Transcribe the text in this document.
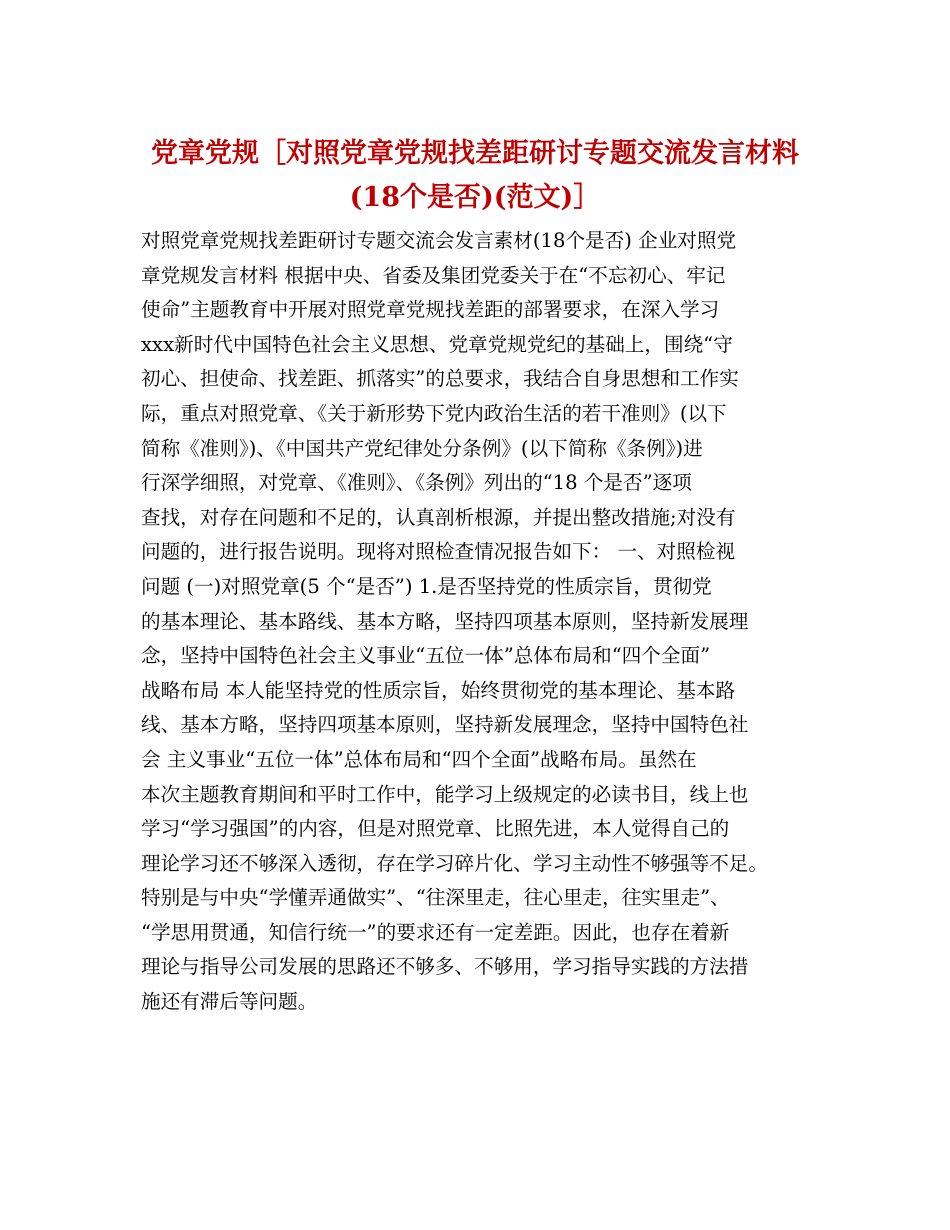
党章党规［对照党章党规找差距研讨专题交流发言材料
(18个是否)(范文)］
对照党章党规找差距研讨专题交流会发言素材(18个是否) 企业对照党
章党规发言材料 根据中央、省委及集团党委关于在“不忘初心、牢记
使命”主题教育中开展对照党章党规找差距的部署要求，在深入学习
xxx新时代中国特色社会主义思想、党章党规党纪的基础上，围绕“守
初心、担使命、找差距、抓落实”的总要求，我结合自身思想和工作实
际，重点对照党章、《关于新形势下党内政治生活的若干准则》(以下
简称《准则》)、《中国共产党纪律处分条例》(以下简称《条例》)进
行深学细照，对党章、《准则》、《条例》列出的“18 个是否”逐项
查找，对存在问题和不足的，认真剖析根源，并提出整改措施;对没有
问题的，进行报告说明。现将对照检查情况报告如下： 一、对照检视
问题 (一)对照党章(5 个“是否”) 1.是否坚持党的性质宗旨，贯彻党
的基本理论、基本路线、基本方略，坚持四项基本原则，坚持新发展理
念，坚持中国特色社会主义事业“五位一体”总体布局和“四个全面”
战略布局 本人能坚持党的性质宗旨，始终贯彻党的基本理论、基本路
线、基本方略，坚持四项基本原则，坚持新发展理念，坚持中国特色社
会 主义事业“五位一体”总体布局和“四个全面”战略布局。虽然在
本次主题教育期间和平时工作中，能学习上级规定的必读书目，线上也
学习“学习强国”的内容，但是对照党章、比照先进，本人觉得自己的
理论学习还不够深入透彻，存在学习碎片化、学习主动性不够强等不足。
特别是与中央“学懂弄通做实”、“往深里走，往心里走，往实里走”、
“学思用贯通，知信行统一”的要求还有一定差距。因此，也存在着新
理论与指导公司发展的思路还不够多、不够用，学习指导实践的方法措
施还有滞后等问题。
